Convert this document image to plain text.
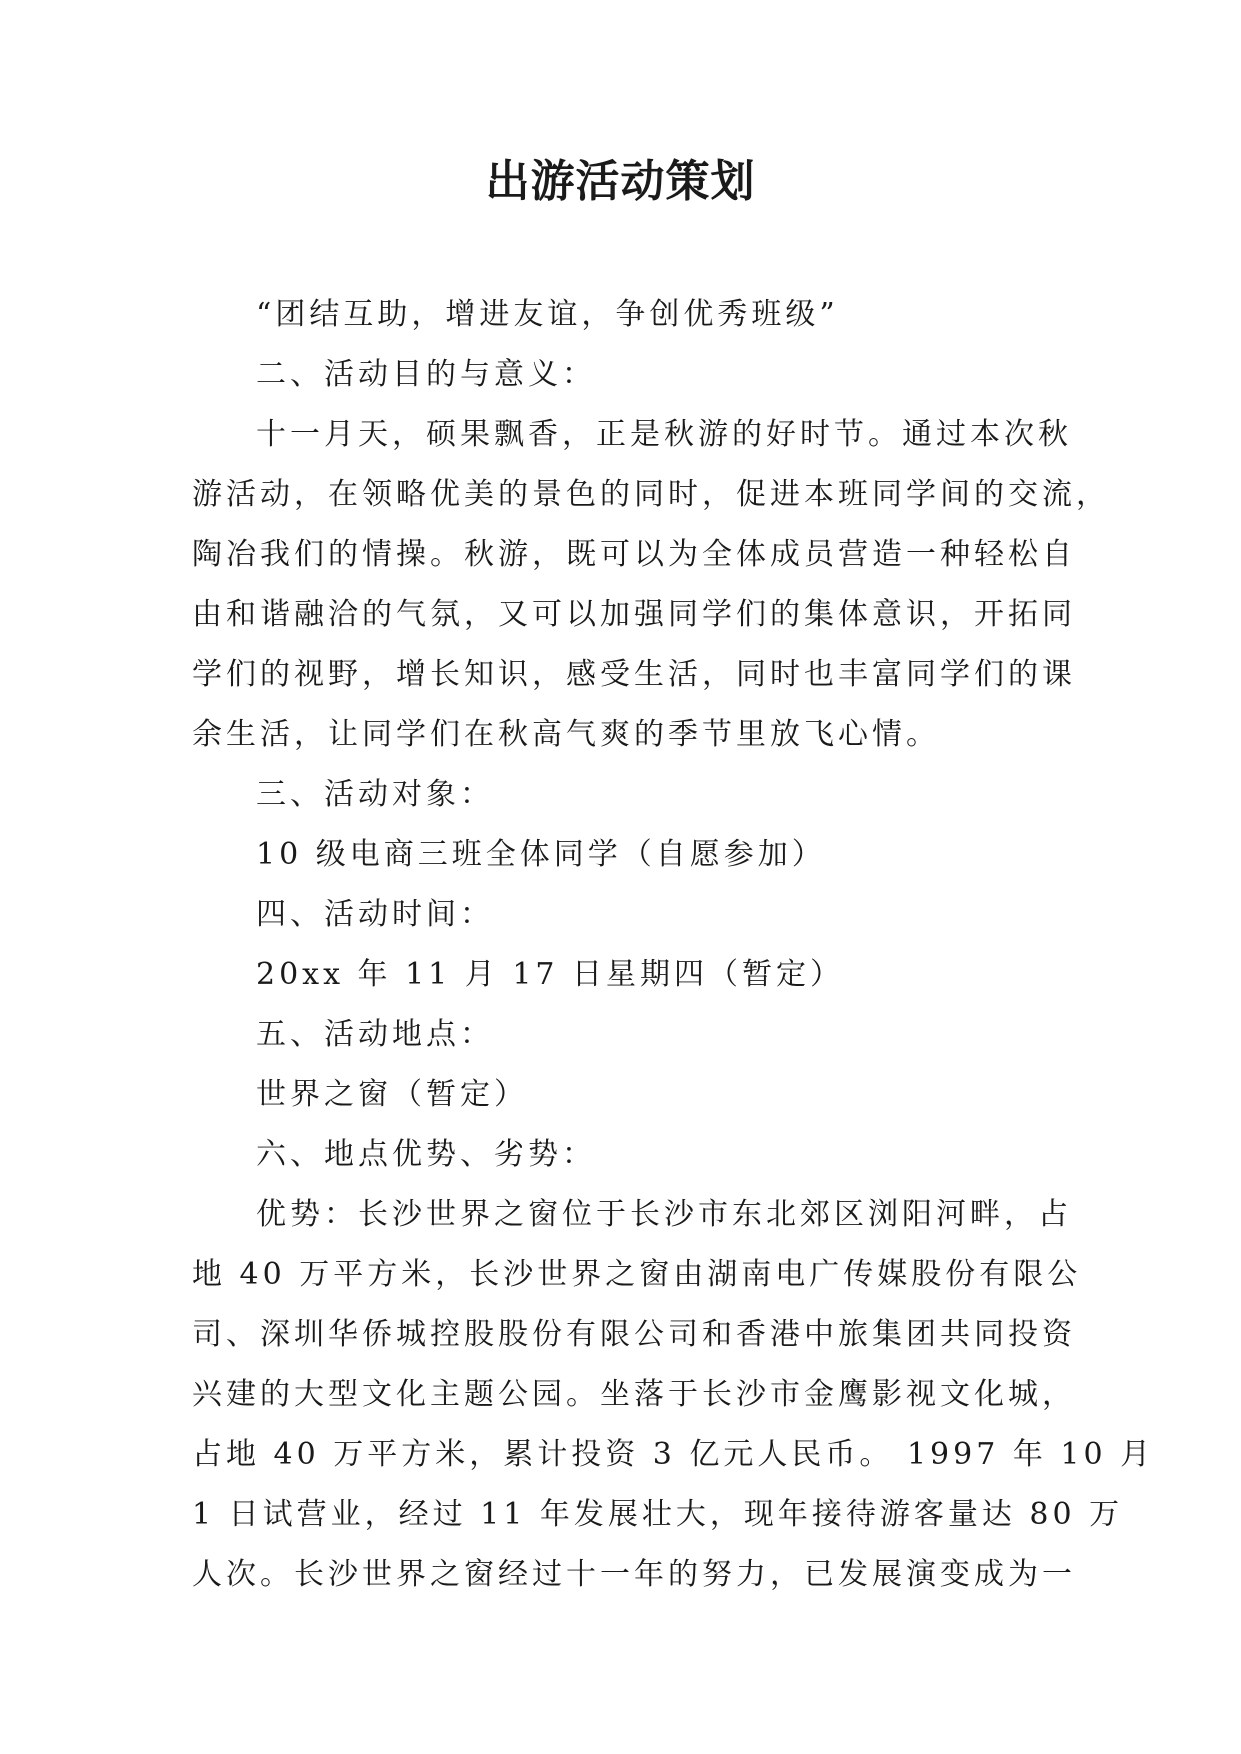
出游活动策划

“团结互助，增进友谊，争创优秀班级”

二、活动目的与意义：

十一月天，硕果飘香，正是秋游的好时节。通过本次秋

游活动，在领略优美的景色的同时，促进本班同学间的交流，

陶冶我们的情操。秋游，既可以为全体成员营造一种轻松自

由和谐融洽的气氛，又可以加强同学们的集体意识，开拓同

学们的视野，增长知识，感受生活，同时也丰富同学们的课

余生活，让同学们在秋高气爽的季节里放飞心情。

三、活动对象：

10 级电商三班全体同学（自愿参加）

四、活动时间：

20xx 年 11 月 17 日星期四（暂定）

五、活动地点：

世界之窗（暂定）

六、地点优势、劣势：

优势：长沙世界之窗位于长沙市东北郊区浏阳河畔，占

地 40 万平方米，长沙世界之窗由湖南电广传媒股份有限公

司、深圳华侨城控股股份有限公司和香港中旅集团共同投资

兴建的大型文化主题公园。坐落于长沙市金鹰影视文化城，

占地 40 万平方米，累计投资 3 亿元人民币。 1997 年 10 月

1 日试营业，经过 11 年发展壮大，现年接待游客量达 80 万

人次。长沙世界之窗经过十一年的努力，已发展演变成为一
